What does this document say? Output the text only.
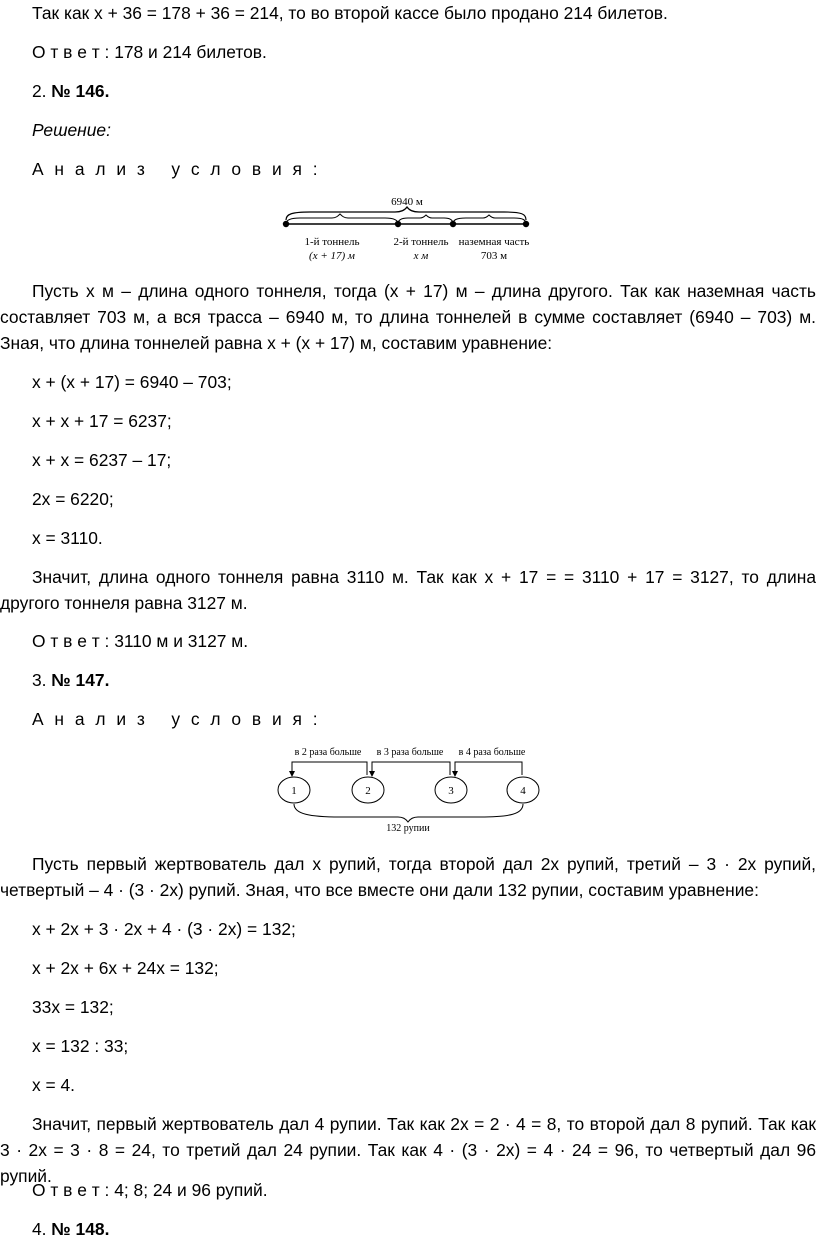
Так как x + 36 = 178 + 36 = 214, то во второй кассе было продано 214 билетов.
О т в е т : 178 и 214 билетов.
2. № 146.
Решение:
А н а л и з   у с л о в и я :
6940 м
1-й тоннель
(x + 17) м
2-й тоннель
x м
наземная часть
703 м
Пусть x м – длина одного тоннеля, тогда (x + 17) м – длина другого. Так как наземная часть составляет 703 м, а вся трасса – 6940 м, то длина тоннелей в сумме составляет (6940 – 703) м. Зная, что длина тоннелей равна x + (x + 17) м, составим уравнение:
x + (x + 17) = 6940 – 703;
x + x + 17 = 6237;
x + x = 6237 – 17;
2x = 6220;
x = 3110.
Значит, длина одного тоннеля равна 3110 м. Так как x + 17 = = 3110 + 17 = 3127, то длина другого тоннеля равна 3127 м.
О т в е т : 3110 м и 3127 м.
3. № 147.
А н а л и з   у с л о в и я :
в 2 раза больше в 3 раза больше в 4 раза больше
1	2	3	4
132 рупии
Пусть первый жертвователь дал x рупий, тогда второй дал 2x рупий, третий – 3 · 2x рупий, четвертый – 4 · (3 · 2x) рупий. Зная, что все вместе они дали 132 рупии, составим уравнение:
x + 2x + 3 · 2x + 4 · (3 · 2x) = 132;
x + 2x + 6x + 24x = 132;
33x = 132;
x = 132 : 33;
x = 4.
Значит, первый жертвователь дал 4 рупии. Так как 2x = 2 · 4 = 8, то второй дал 8 рупий. Так как 3 · 2x = 3 · 8 = 24, то третий дал 24 рупии. Так как 4 · (3 · 2x) = 4 · 24 = 96, то четвертый дал 96 рупий.
О т в е т : 4; 8; 24 и 96 рупий.
4. № 148.
